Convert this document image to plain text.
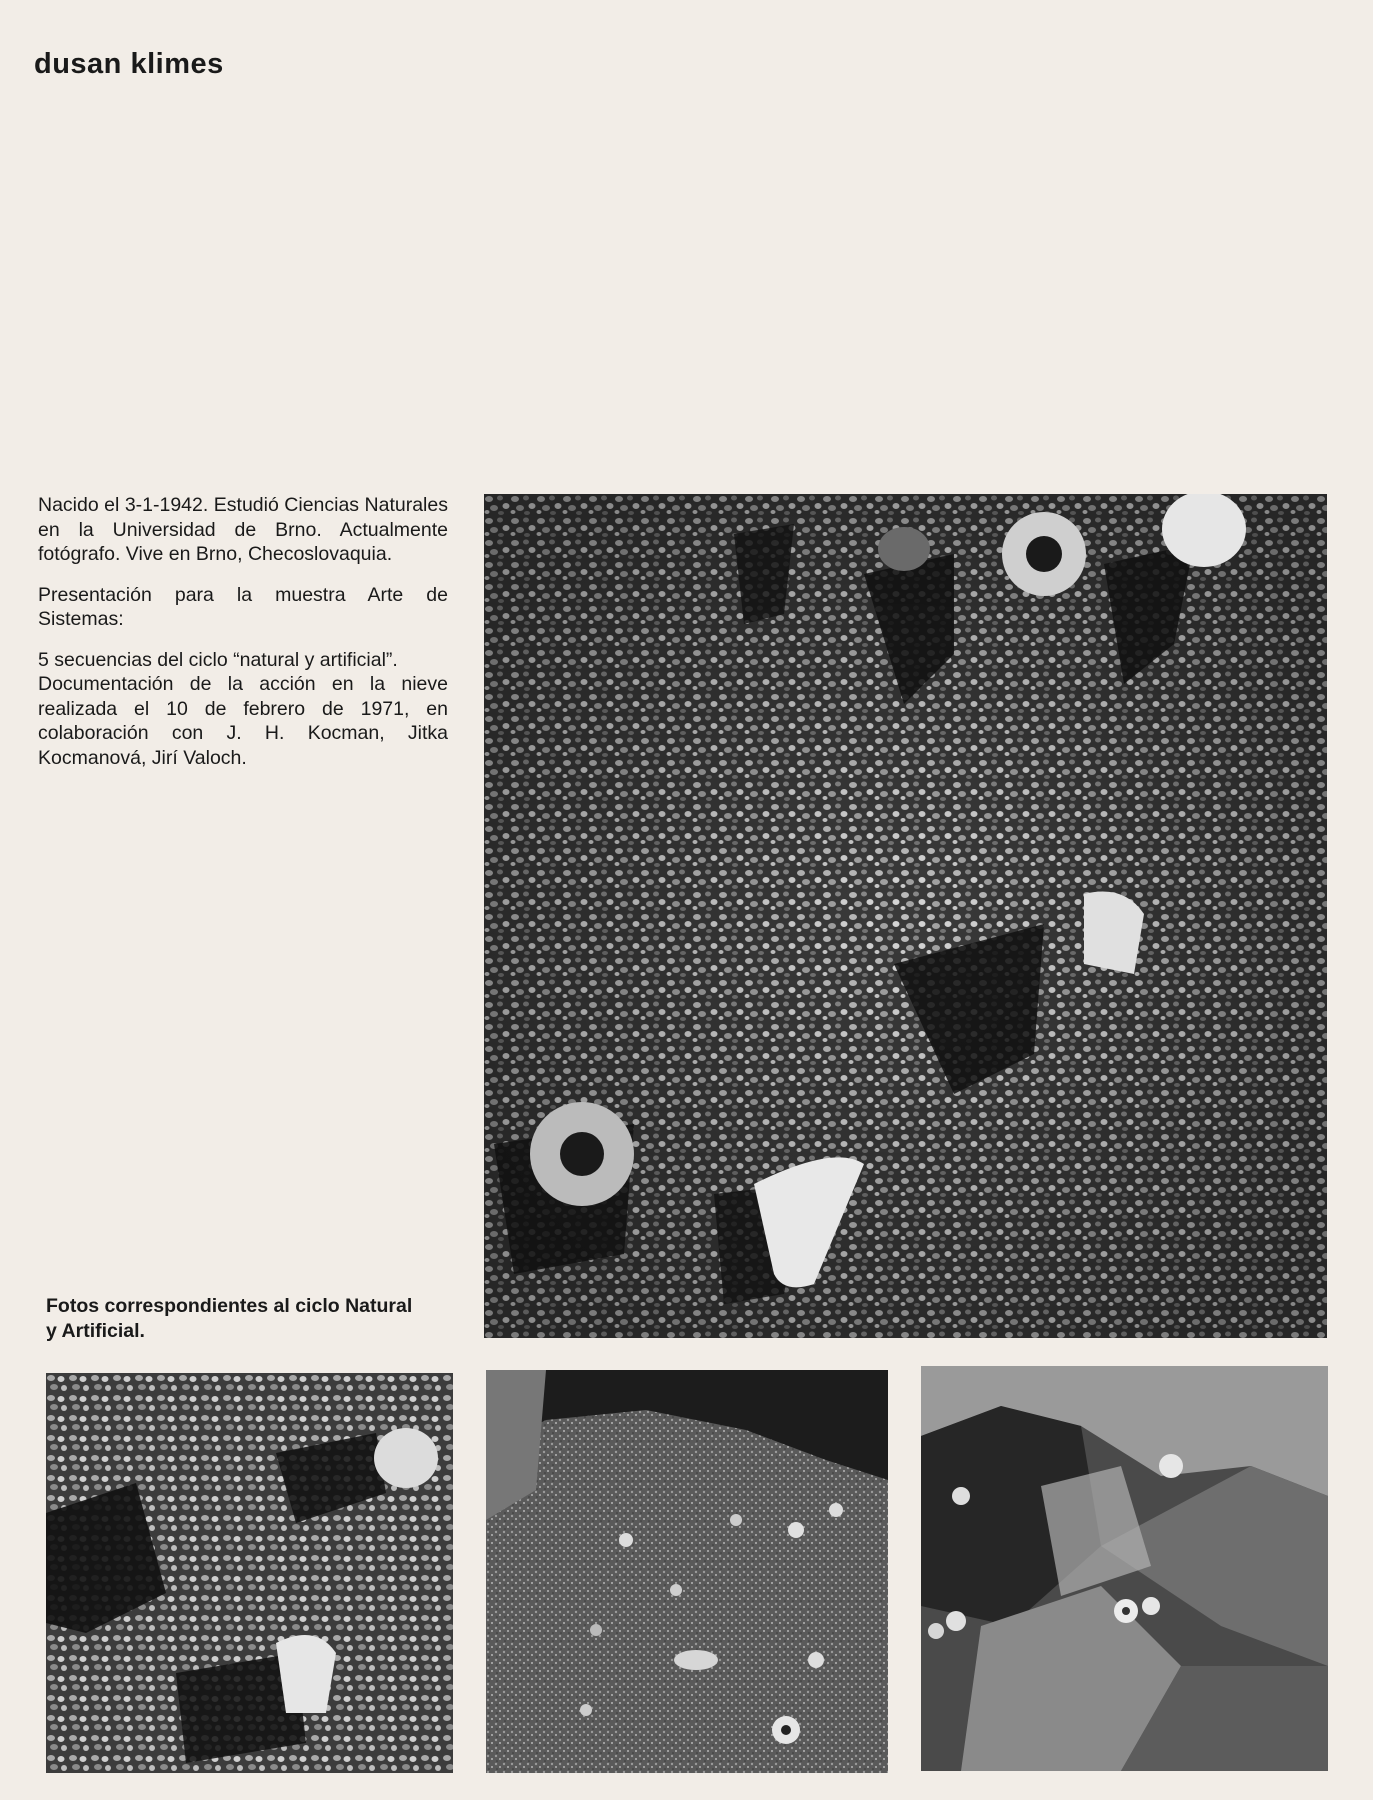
dusan klimes

Nacido el 3-1-1942. Estudió Ciencias Naturales en la Universidad de Brno. Actualmente fotógrafo. Vive en Brno, Checoslovaquia.

Presentación para la muestra Arte de Sistemas:

5 secuencias del ciclo “natural y artificial”.

Documentación de la acción en la nieve realizada el 10 de febrero de 1971, en colaboración con J. H. Kocman, Jitka Kocmanová, Jirí Valoch.

Fotos correspondientes al ciclo Natural y Artificial.
